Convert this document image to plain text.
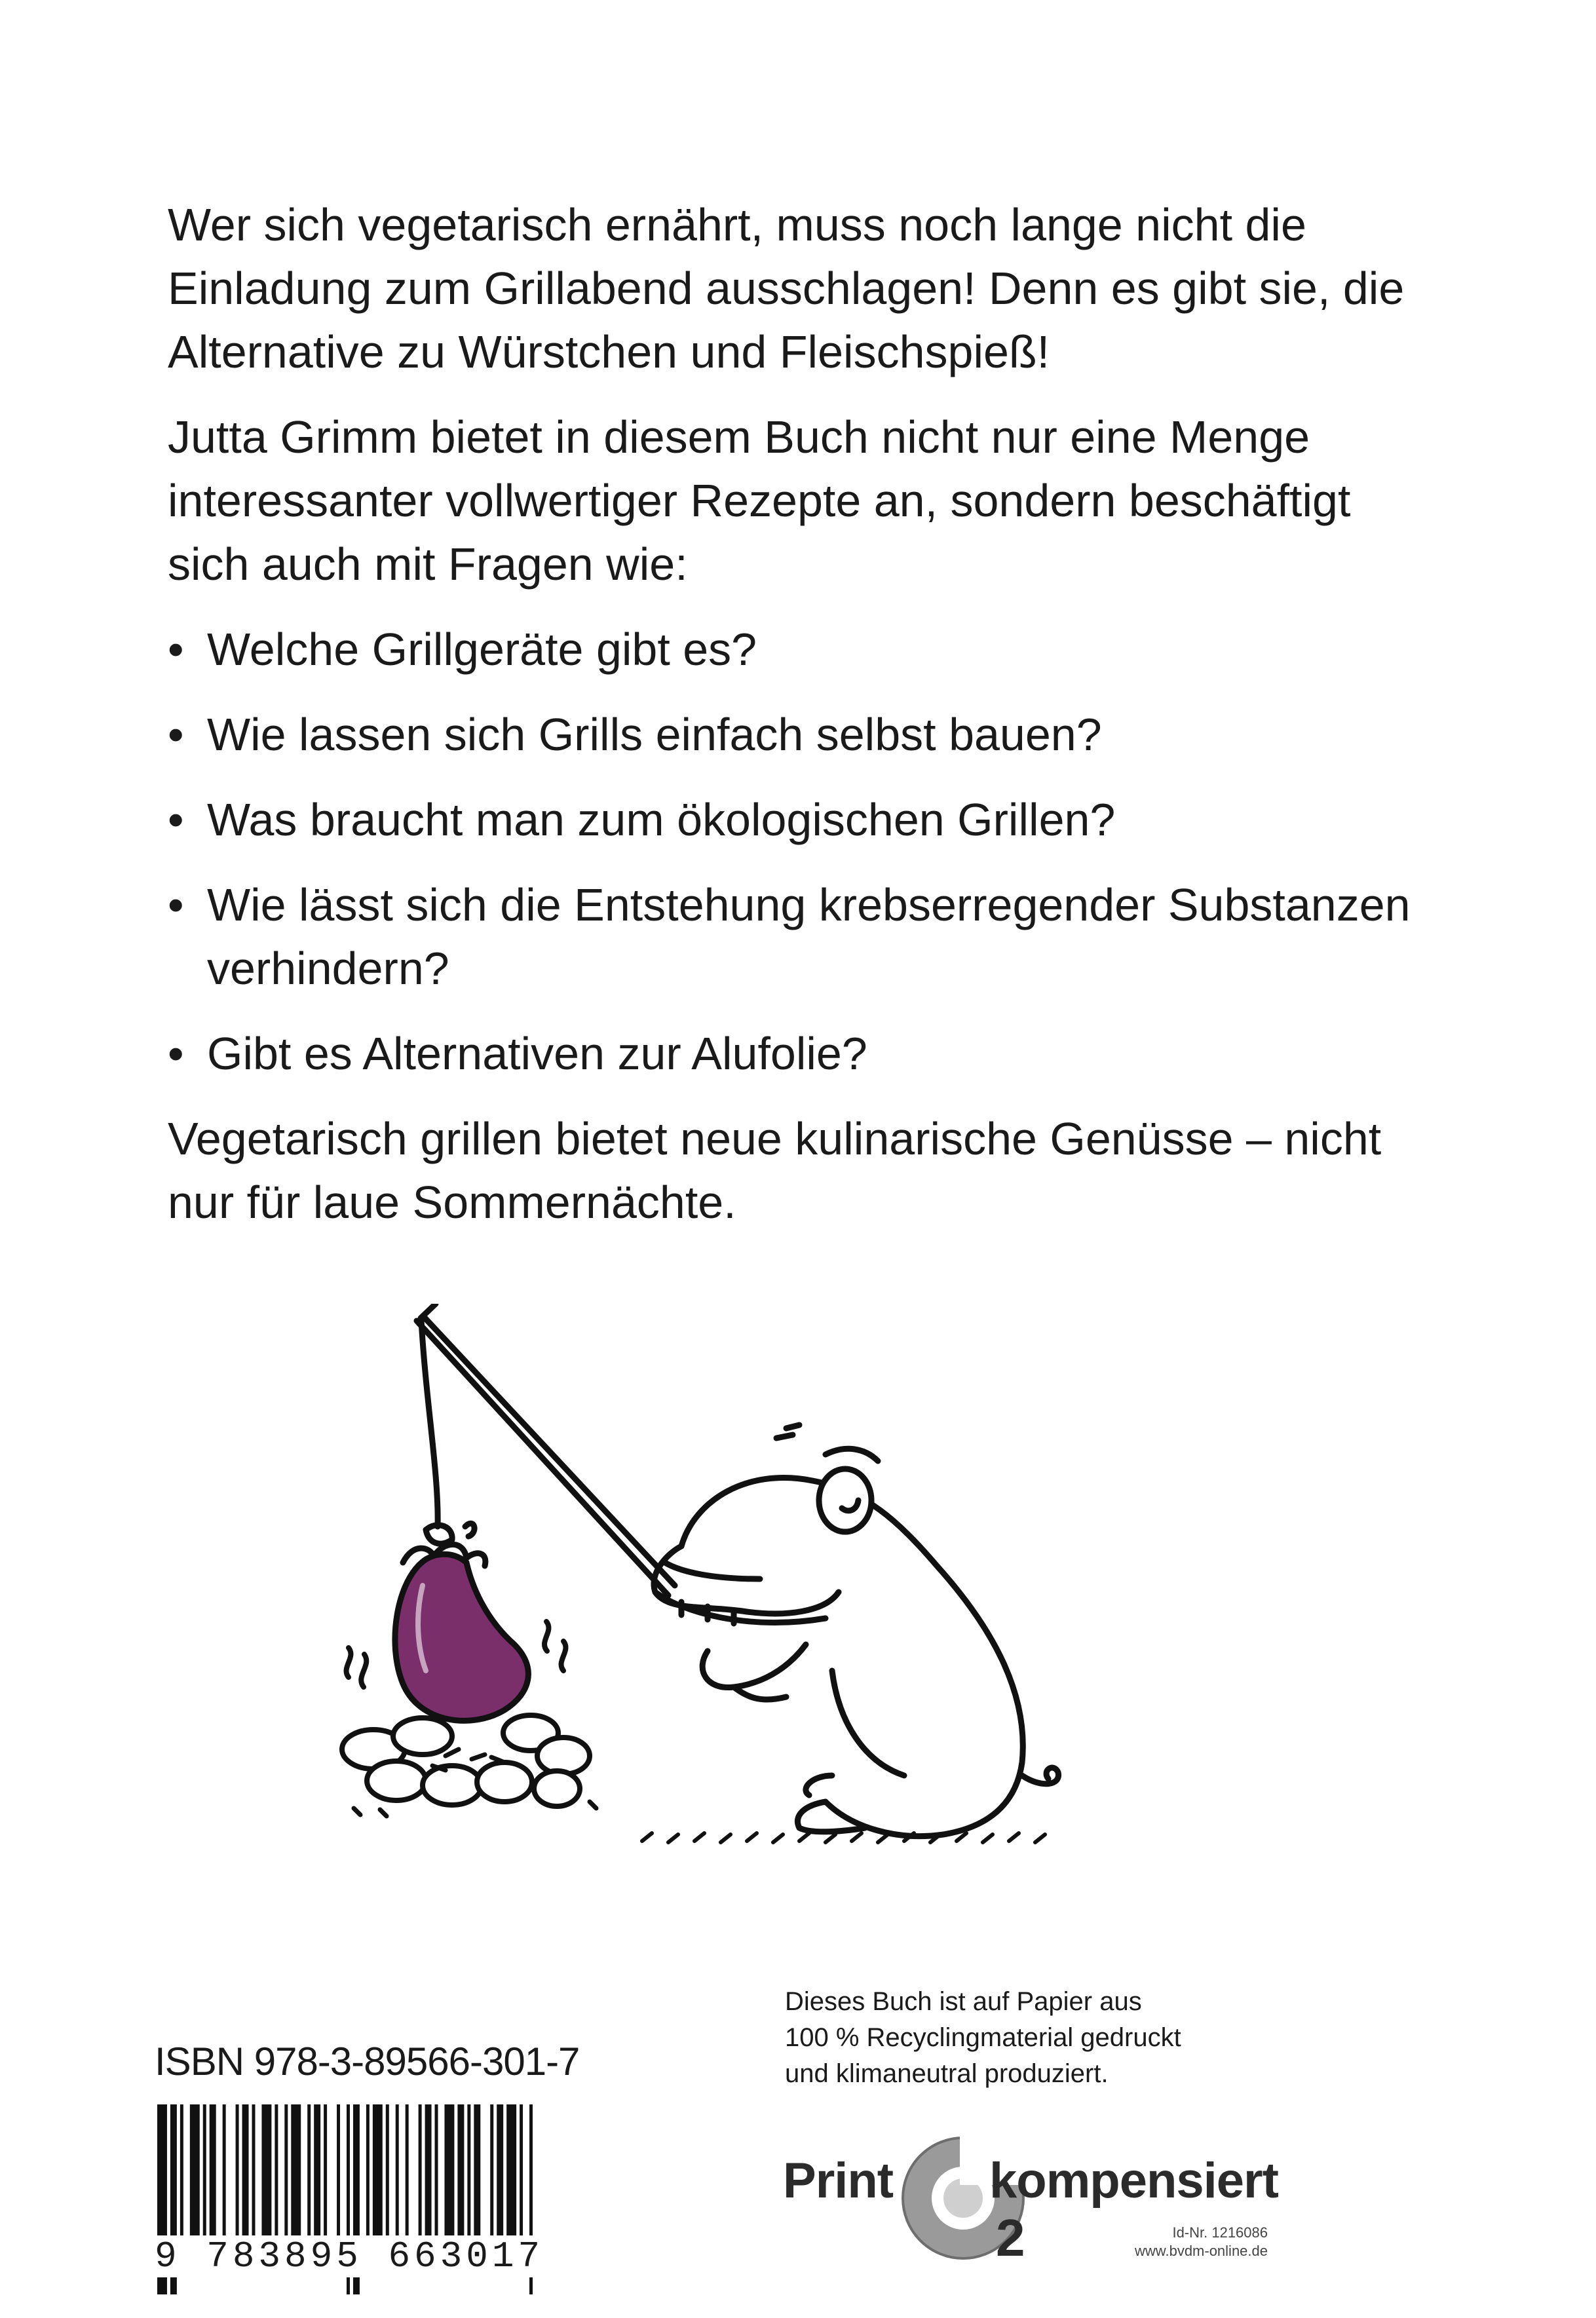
Wer sich vegetarisch ernährt, muss noch lange nicht die Einladung zum Grillabend ausschlagen! Denn es gibt sie, die Alternative zu Würstchen und Fleischspieß!

Jutta Grimm bietet in diesem Buch nicht nur eine Menge interessanter vollwertiger Rezepte an, sondern beschäftigt sich auch mit Fragen wie:

• Welche Grillgeräte gibt es?
• Wie lassen sich Grills einfach selbst bauen?
• Was braucht man zum ökologischen Grillen?
• Wie lässt sich die Entstehung krebserregender Substanzen verhindern?
• Gibt es Alternativen zur Alufolie?

Vegetarisch grillen bietet neue kulinarische Genüsse – nicht nur für laue Sommernächte.

ISBN 978-3-89566-301-7
9 783895 663017
Dieses Buch ist auf Papier aus
100 % Recyclingmaterial gedruckt
und klimaneutral produziert.
Print
2
kompensiert
Id-Nr. 1216086
www.bvdm-online.de
